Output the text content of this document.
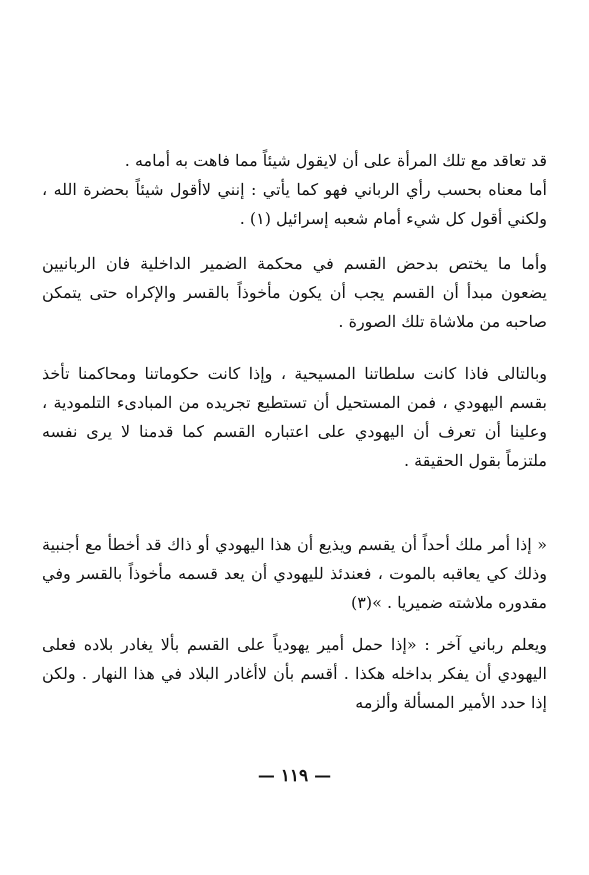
قد تعاقد مع تلك المرأة على أن لايقول شيئاً مما فاهت به أمامه .

أما معناه بحسب رأي الرباني فهو كما يأتي : إنني لاأقول شيئاً بحضرة الله ، ولكني أقول كل شيء أمام شعبه إسرائيل (١) .

وأما ما يختص بدحض القسم في محكمة الضمير الداخلية فان الربانيين يضعون مبدأ أن القسم يجب أن يكون مأخوذاً بالقسر والإكراه حتى يتمكن صاحبه من ملاشاة تلك الصورة .

وبالتالى فاذا كانت سلطاتنا المسيحية ، وإذا كانت حكوماتنا ومحاكمنا تأخذ بقسم اليهودي ، فمن المستحيل أن تستطيع تجريده من المبادىء التلمودية ، وعلينا أن تعرف أن اليهودي على اعتباره القسم كما قدمنا لا يرى نفسه ملتزماً بقول الحقيقة .

« إذا أمر ملك أحداً أن يقسم ويذيع أن هذا اليهودي أو ذاك قد أخطأ مع أجنبية وذلك كي يعاقبه بالموت ، فعندئذ لليهودي أن يعد قسمه مأخوذاً بالقسر وفي مقدوره ملاشته ضميريا . »(٣)

ويعلم رباني آخر : «إذا حمل أمير يهودياً على القسم بألا يغادر بلاده فعلى اليهودي أن يفكر بداخله هكذا . أقسم بأن لاأغادر البلاد في هذا النهار . ولكن إذا حدد الأمير المسألة وألزمه

— ١١٩ —
